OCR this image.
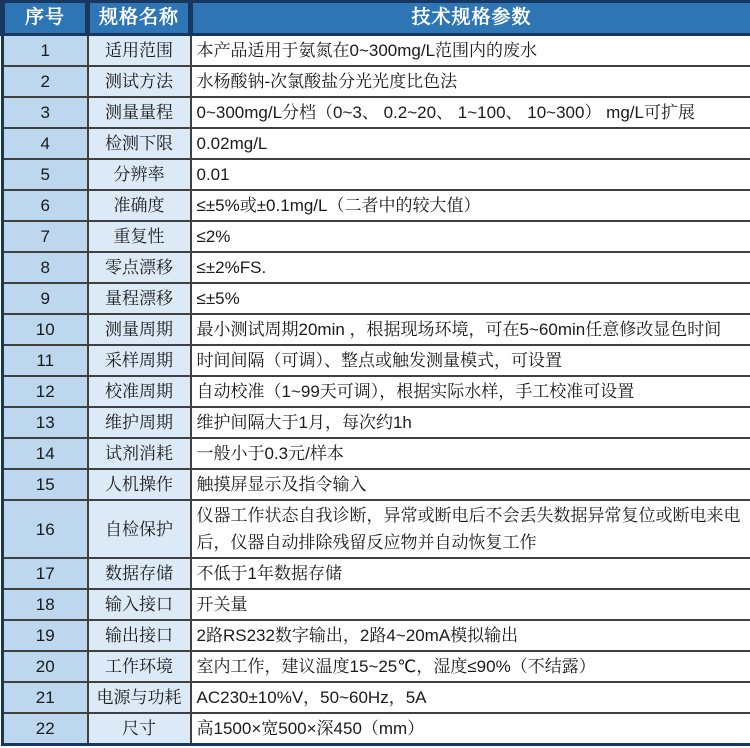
序号	规格名称	技术规格参数
1	适用范围	本产品适用于氨氮在0~300mg/L范围内的废水
2	测试方法	水杨酸钠-次氯酸盐分光光度比色法
3	测量量程	0~300mg/L分档（0~3、 0.2~20、 1~100、 10~300） mg/L可扩展
4	检测下限	0.02mg/L
5	分辨率	0.01
6	准确度	≤±5%或±0.1mg/L（二者中的较大值）
7	重复性	≤2%
8	零点漂移	≤±2%FS.
9	量程漂移	≤±5%
10	测量周期	最小测试周期20min ，根据现场环境，可在5~60min任意修改显色时间
11	采样周期	时间间隔（可调）、整点或触发测量模式，可设置
12	校准周期	自动校准（1~99天可调），根据实际水样，手工校准可设置
13	维护周期	维护间隔大于1月，每次约1h
14	试剂消耗	一般小于0.3元/样本
15	人机操作	触摸屏显示及指令输入
16	自检保护	仪器工作状态自我诊断，异常或断电后不会丢失数据异常复位或断电来电后，仪器自动排除残留反应物并自动恢复工作
17	数据存储	不低于1年数据存储
18	输入接口	开关量
19	输出接口	2路RS232数字输出，2路4~20mA模拟输出
20	工作环境	室内工作，建议温度15~25℃，湿度≤90%（不结露）
21	电源与功耗	AC230±10%V，50~60Hz，5A
22	尺寸	高1500×宽500×深450（mm）
